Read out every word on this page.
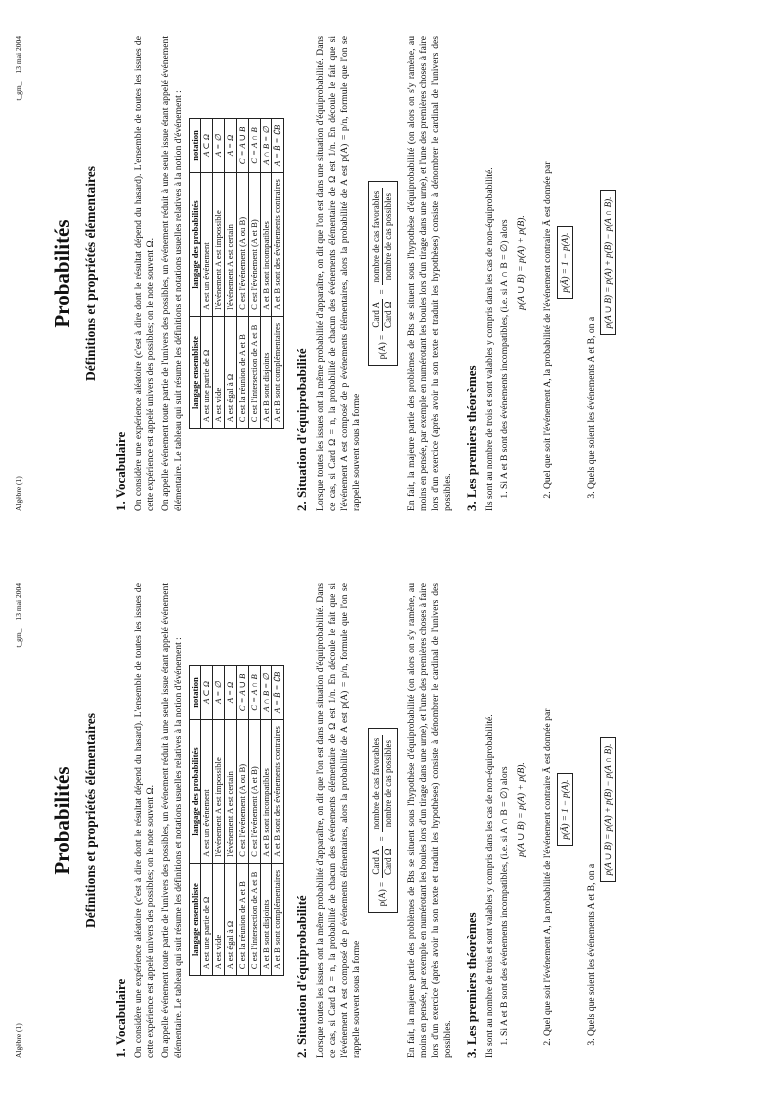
Algèbre (1)
t_gm_13 mai 2004
Probabilités Définitions et propriétés élémentaires
1. Vocabulaire On considère une expérience aléatoire (c'est à dire dont le résultat dépend du hasard). L'ensemble de toutes les issues de cette expérience est appelé univers des possibles; on le note souvent Ω. On appelle événement toute partie de l'univers des possibles, un événement réduit à une seule issue étant appelé événement élémentaire. Le tableau qui suit résume les définitions et notations usuelles relatives à la notion d'événement : langage ensembliste	langage des probabilités	notation
A est une partie de Ω	A est un événement	A ⊂ Ω
A est vide	l'événement A est impossible	A = ∅
A est égal à Ω	l'événement A est certain	A = Ω
C est la réunion de A et B	C est l'événement (A ou B)	C = A ∪ B
C est l'intersection de A et B	C est l'événement (A et B)	C = A ∩ B
A et B sont disjoints	A et B sont incompatibles	A ∩ B = ∅
A et B sont complémentaires	A et B sont des événements contraires	A = B̄ = ∁B
2. Situation d'équiprobabilité Lorsque toutes les issues ont la même probabilité d'apparaître, on dit que l'on est dans une situation d'équiprobabilité. Dans ce cas, si Card Ω = n, la probabilité de chacun des événements élémentaire de Ω est 1/n. En découle le fait que si l'événement A est composé de p événements élémentaires, alors la probabilité de A est p(A) = p/n, formule que l'on se rappelle souvent sous la forme

p(A) =
Card A Card Ω
=
nombre de cas favorables nombre de cas possibles En fait, la majeure partie des problèmes de Bts se situent sous l'hypothèse d'équiprobabilité (on alors on s'y ramène, au moins en pensée, par exemple en numérotant les boules lors d'un tirage dans une urne), et l'une des premières choses à faire lors d'un exercice (après avoir lu son texte et traduit les hypothèses) consiste à dénombrer le cardinal de l'univers des possibles. 3. Les premiers théorèmes Ils sont au nombre de trois et sont valables y compris dans les cas de non-équiprobabilité. 1. Si A et B sont des événements incompatibles, (i.e. si A ∩ B = ∅) alors p(A ∪ B) = p(A) + p(B). 2. Quel que soit l'événement A, la probabilité de l'événement contraire Ā est donnée par p(Ā) = 1 − p(A).
3. Quels que soient les événements A et B, on a
p(A ∪ B) = p(A) + p(B) − p(A ∩ B).
Algèbre (1)
t_gm_13 mai 2004
Probabilités Définitions et propriétés élémentaires
1. Vocabulaire On considère une expérience aléatoire (c'est à dire dont le résultat dépend du hasard). L'ensemble de toutes les issues de cette expérience est appelé univers des possibles; on le note souvent Ω. On appelle événement toute partie de l'univers des possibles, un événement réduit à une seule issue étant appelé événement élémentaire. Le tableau qui suit résume les définitions et notations usuelles relatives à la notion d'événement : langage ensembliste	langage des probabilités	notation
A est une partie de Ω	A est un événement	A ⊂ Ω
A est vide	l'événement A est impossible	A = ∅
A est égal à Ω	l'événement A est certain	A = Ω
C est la réunion de A et B	C est l'événement (A ou B)	C = A ∪ B
C est l'intersection de A et B	C est l'événement (A et B)	C = A ∩ B
A et B sont disjoints	A et B sont incompatibles	A ∩ B = ∅
A et B sont complémentaires	A et B sont des événements contraires	A = B̄ = ∁B
2. Situation d'équiprobabilité Lorsque toutes les issues ont la même probabilité d'apparaître, on dit que l'on est dans une situation d'équiprobabilité. Dans ce cas, si Card Ω = n, la probabilité de chacun des événements élémentaire de Ω est 1/n. En découle le fait que si l'événement A est composé de p événements élémentaires, alors la probabilité de A est p(A) = p/n, formule que l'on se rappelle souvent sous la forme

p(A) =
Card A Card Ω
=
nombre de cas favorables nombre de cas possibles En fait, la majeure partie des problèmes de Bts se situent sous l'hypothèse d'équiprobabilité (on alors on s'y ramène, au moins en pensée, par exemple en numérotant les boules lors d'un tirage dans une urne), et l'une des premières choses à faire lors d'un exercice (après avoir lu son texte et traduit les hypothèses) consiste à dénombrer le cardinal de l'univers des possibles. 3. Les premiers théorèmes Ils sont au nombre de trois et sont valables y compris dans les cas de non-équiprobabilité. 1. Si A et B sont des événements incompatibles, (i.e. si A ∩ B = ∅) alors p(A ∪ B) = p(A) + p(B). 2. Quel que soit l'événement A, la probabilité de l'événement contraire Ā est donnée par p(Ā) = 1 − p(A).
3. Quels que soient les événements A et B, on a
p(A ∪ B) = p(A) + p(B) − p(A ∩ B).
